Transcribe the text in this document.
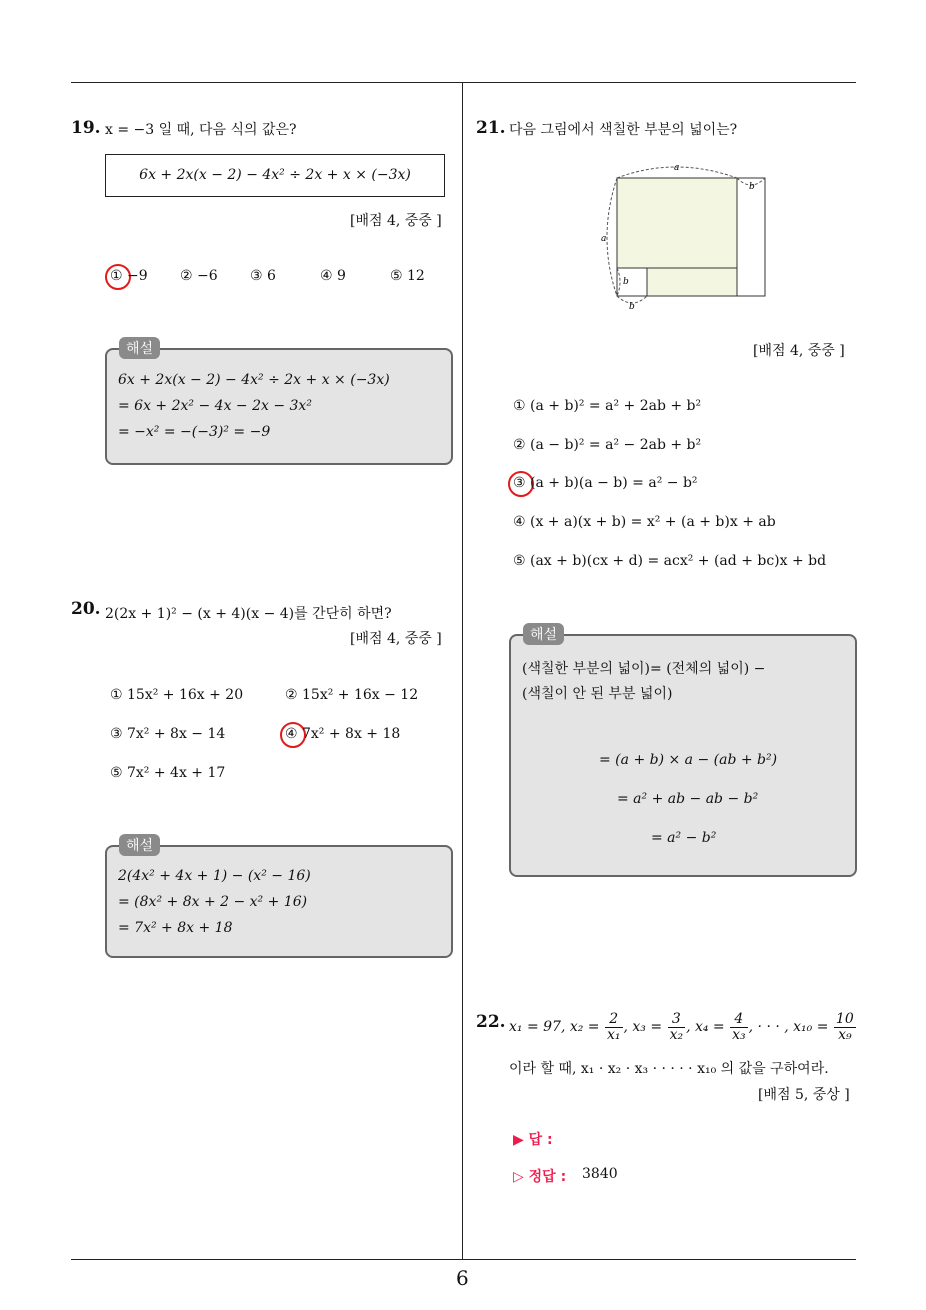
6
19. x = −3 일 때, 다음 식의 값은?
6x + 2x(x − 2) − 4x² ÷ 2x + x × (−3x)
[배점 4, 중중 ]
① −9 ② −6 ③ 6	④ 9	⑤ 12
해설
6x + 2x(x − 2) − 4x² ÷ 2x + x × (−3x)
= 6x + 2x² − 4x − 2x − 3x²
= −x² = −(−3)² = −9
20. 2(2x + 1)² − (x + 4)(x − 4)를 간단히 하면?
[배점 4, 중중 ]
① 15x² + 16x + 20	② 15x² + 16x − 12
③ 7x² + 8x − 14	④ 7x² + 8x + 18
⑤ 7x² + 4x + 17
해설
2(4x² + 4x + 1) − (x² − 16)
= (8x² + 8x + 2 − x² + 16)
= 7x² + 8x + 18
21. 다음 그림에서 색칠한 부분의 넓이는?
a
a
b
b
b
[배점 4, 중중 ]
① (a + b)² = a² + 2ab + b²
② (a − b)² = a² − 2ab + b²
③ (a + b)(a − b) = a² − b²
④ (x + a)(x + b) = x² + (a + b)x + ab
⑤ (ax + b)(cx + d) = acx² + (ad + bc)x + bd
해설
(색칠한 부분의 넓이)= (전체의 넓이) −
(색칠이 안 된 부분 넓이)
= (a + b) × a − (ab + b²)
= a² + ab − ab − b²
= a² − b²
22. x₁ = 97, $x_2 = \frac{2}{\text{x₁}}$ , $x_3 = \frac{3}{\text{x₂}}$ , $x_4 = \frac{4}{\text{x₃}}$ , · · · , $x_{10} = \frac{10}{\text{x₉}}$
이라 할 때, x₁ · x₂ · x₃ · · · · · x₁₀ 의 값을 구하여라.
[배점 5, 중상 ]
▶ 답 :
▷ 정답 : 3840
